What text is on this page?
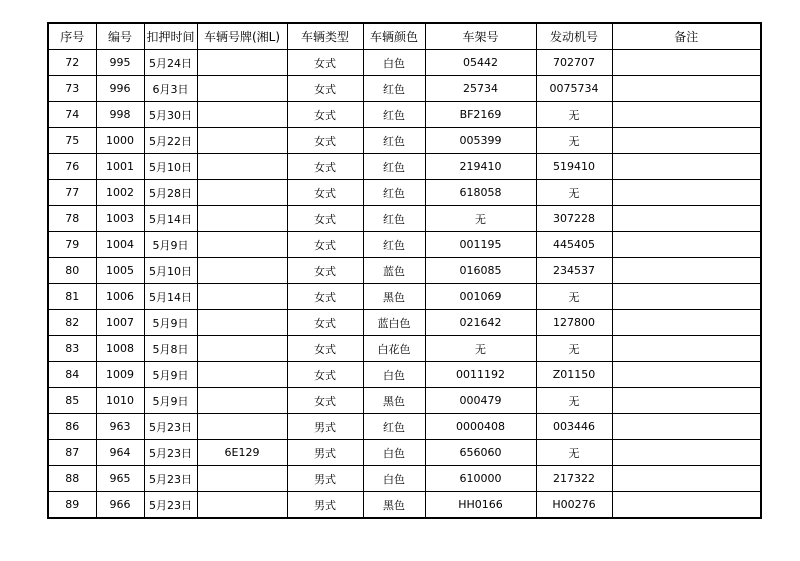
序号	编号	扣押时间	车辆号牌(湘L)	车辆类型	车辆颜色	车架号	发动机号	备注
72	995	5月24日		女式	白色	05442	702707	
73	996	6月3日		女式	红色	25734	0075734	
74	998	5月30日		女式	红色	BF2169	无	
75	1000	5月22日		女式	红色	005399	无	
76	1001	5月10日		女式	红色	219410	519410	
77	1002	5月28日		女式	红色	618058	无	
78	1003	5月14日		女式	红色	无	307228	
79	1004	5月9日		女式	红色	001195	445405	
80	1005	5月10日		女式	蓝色	016085	234537	
81	1006	5月14日		女式	黑色	001069	无	
82	1007	5月9日		女式	蓝白色	021642	127800	
83	1008	5月8日		女式	白花色	无	无	
84	1009	5月9日		女式	白色	0011192	Z01150	
85	1010	5月9日		女式	黑色	000479	无	
86	963	5月23日		男式	红色	0000408	003446	
87	964	5月23日	6E129	男式	白色	656060	无	
88	965	5月23日		男式	白色	610000	217322	
89	966	5月23日		男式	黑色	HH0166	H00276	
